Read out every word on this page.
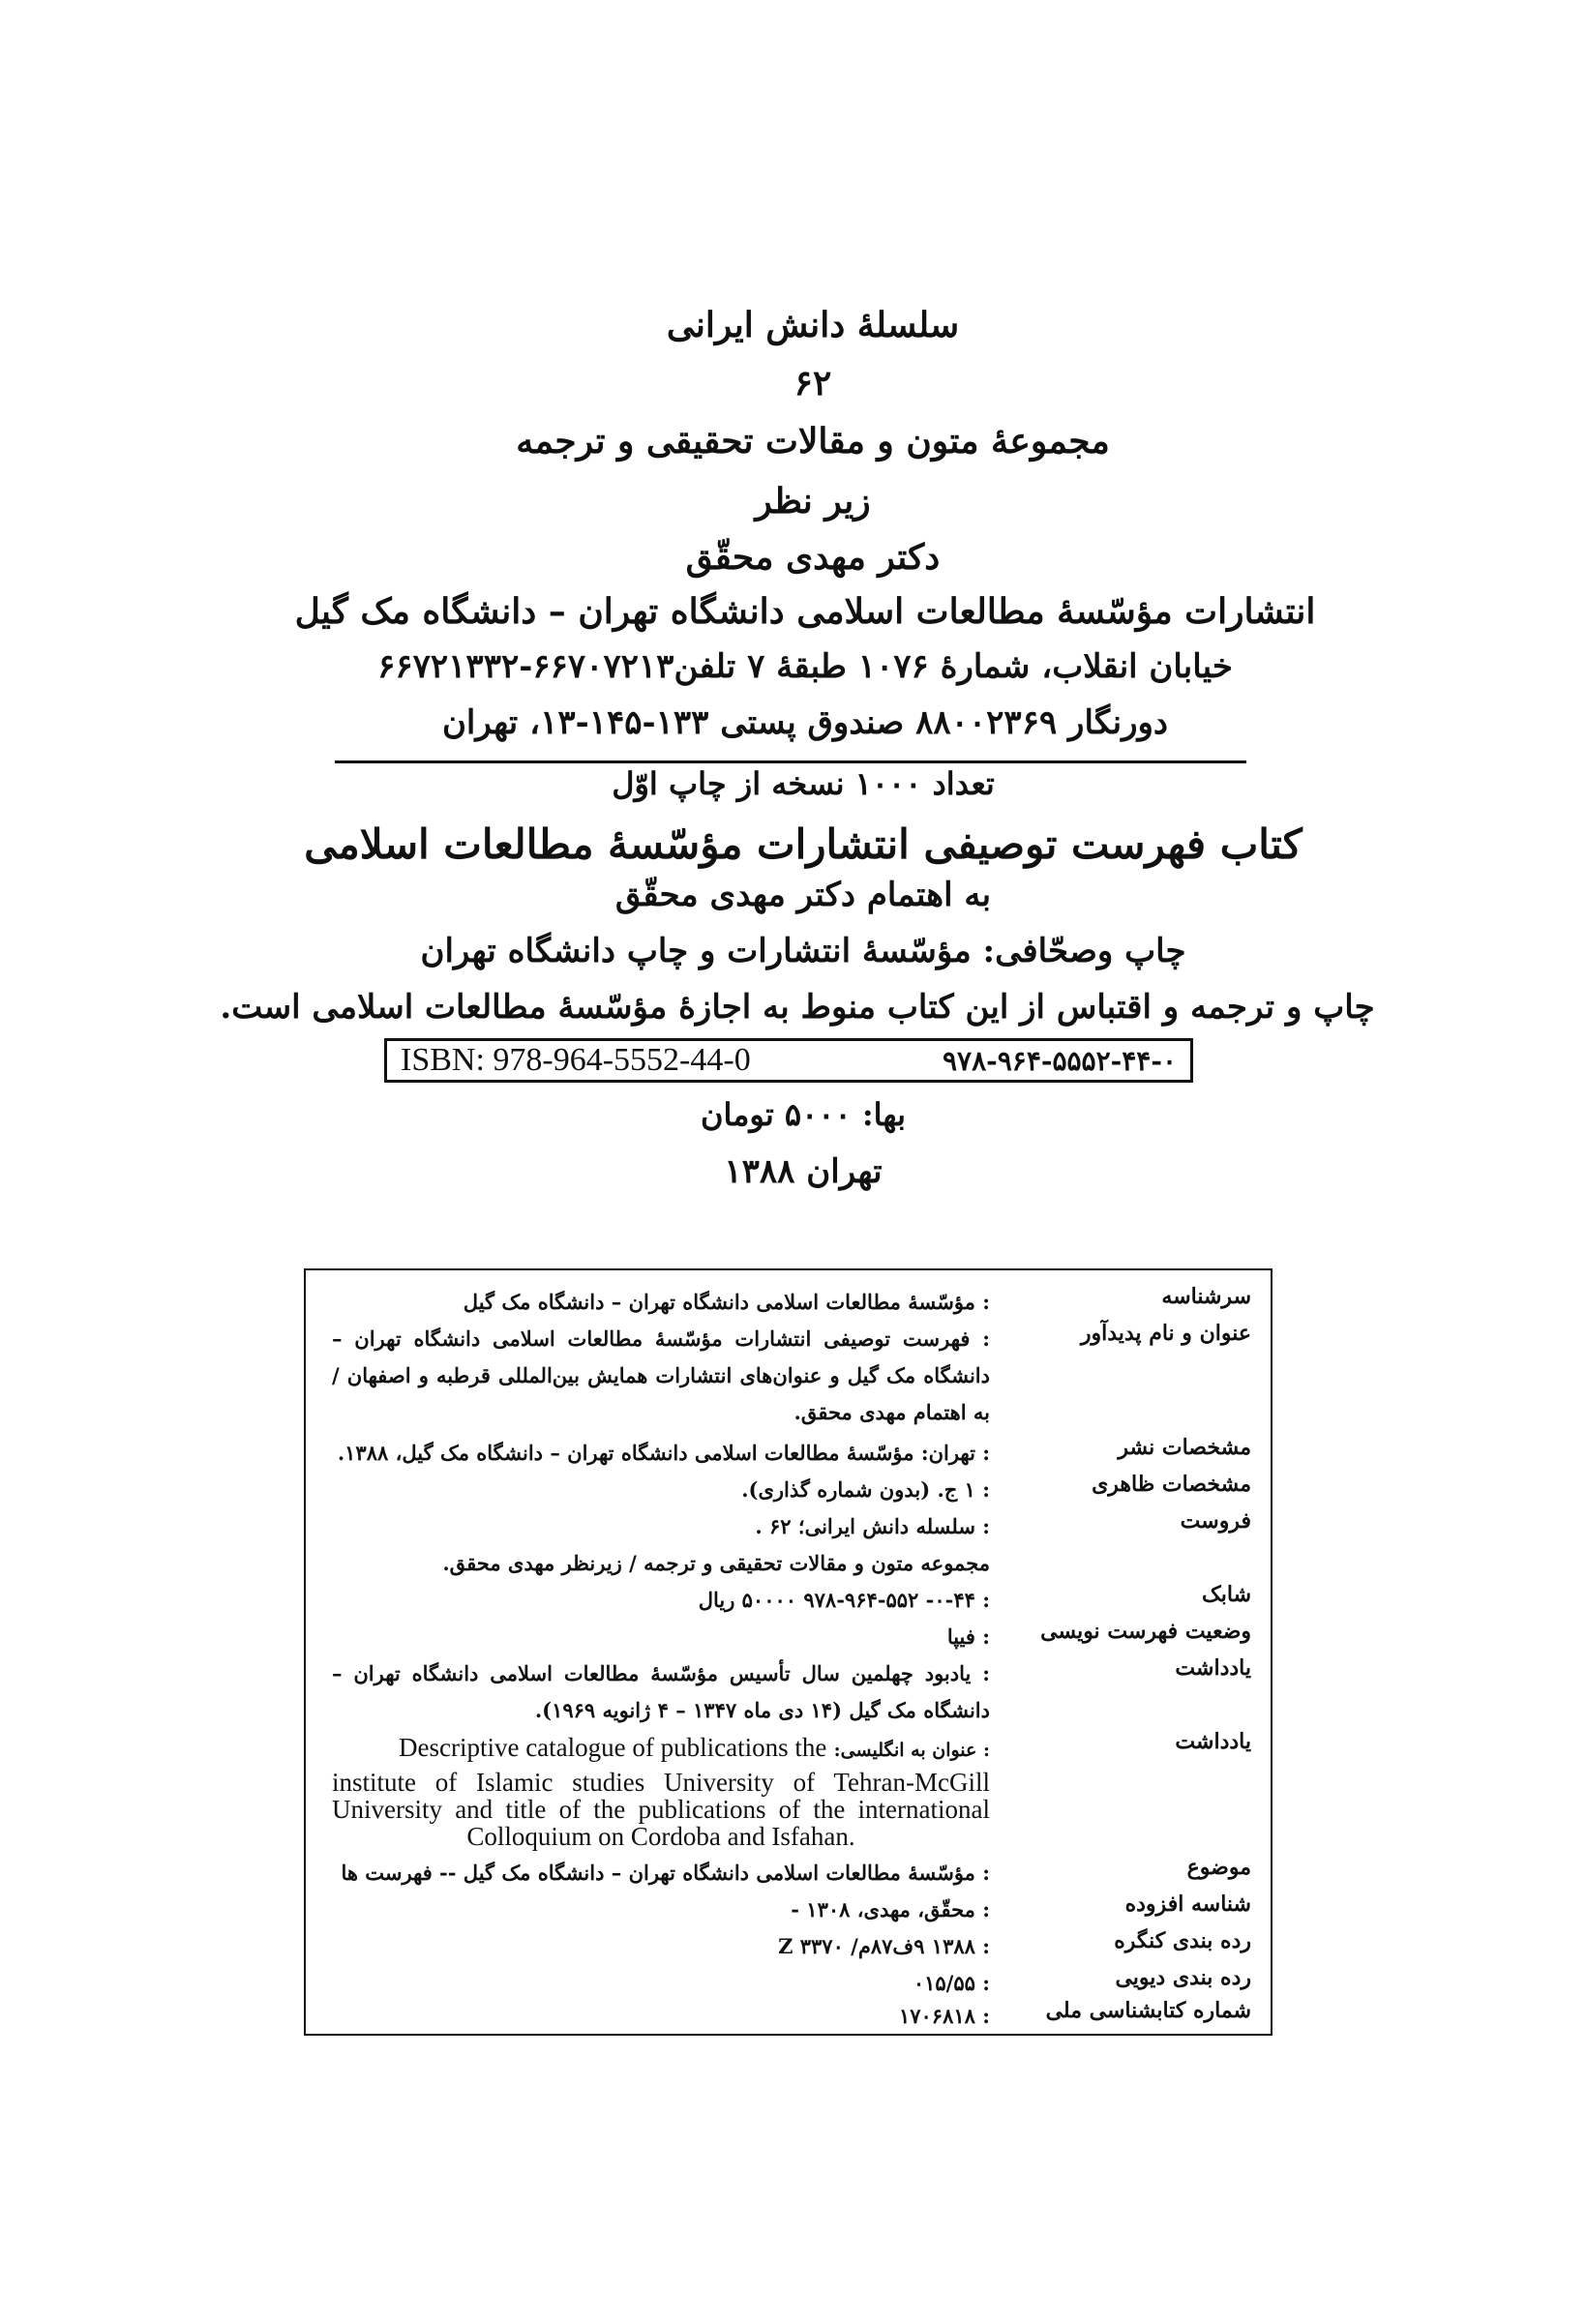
سلسلهٔ دانش ایرانی
۶۲
مجموعهٔ متون و مقالات تحقیقی و ترجمه
زیر نظر
دکتر مهدی محقّق
انتشارات مؤسّسهٔ مطالعات اسلامی دانشگاه تهران – دانشگاه مک گیل
خیابان انقلاب، شمارهٔ ۱۰۷۶ طبقهٔ ۷ تلفن۶۶۷۰۷۲۱۳-۶۶۷۲۱۳۳۲
دورنگار ۸۸۰۰۲۳۶۹ صندوق پستی ۱۳۳-۱۴۵-۱۳، تهران
تعداد ۱۰۰۰ نسخه از چاپ اوّل
کتاب فهرست توصیفی انتشارات مؤسّسهٔ مطالعات اسلامی
به اهتمام دکتر مهدی محقّق
چاپ وصحّافی: مؤسّسهٔ انتشارات و چاپ دانشگاه تهران
چاپ و ترجمه و اقتباس از این کتاب منوط به اجازهٔ مؤسّسهٔ مطالعات اسلامی است.
ISBN: 978-964-5552-44-0	۹۷۸-۹۶۴-۵۵۵۲-۴۴-۰
بها: ۵۰۰۰ تومان
تهران ۱۳۸۸
سرشناسه
: مؤسّسهٔ مطالعات اسلامی دانشگاه تهران – دانشگاه مک گیل
عنوان و نام پدیدآور
: فهرست توصیفی انتشارات مؤسّسهٔ مطالعات اسلامی دانشگاه تهران – دانشگاه مک گیل و عنوان‌های انتشارات همایش بین‌المللی قرطبه و اصفهان / به اهتمام مهدی محقق.
مشخصات نشر
: تهران: مؤسّسهٔ مطالعات اسلامی دانشگاه تهران – دانشگاه مک گیل، ۱۳۸۸.
مشخصات ظاهری
: ۱ ج. (بدون شماره گذاری).
فروست
: سلسله دانش ایرانی؛ ۶۲ .
مجموعه متون و مقالات تحقیقی و ترجمه / زیرنظر مهدی محقق.
شابک
: ۰-۴۴- ۹۷۸-۹۶۴-۵۵۲ ۵۰۰۰۰ ریال
وضعیت فهرست نویسی
: فیپا
یادداشت
: یادبود چهلمین سال تأسیس مؤسّسهٔ مطالعات اسلامی دانشگاه تهران – دانشگاه مک گیل (۱۴ دی ماه ۱۳۴۷ – ۴ ژانویه ۱۹۶۹).
یادداشت
: عنوان به انگلیسی: Descriptive catalogue of publications the
institute of Islamic studies University of Tehran-McGill University and title of the publications of the international Colloquium on Cordoba and Isfahan.
موضوع
: مؤسّسهٔ مطالعات اسلامی دانشگاه تهران – دانشگاه مک گیل -- فهرست ها
شناسه افزوده
: محقّق، مهدی، ۱۳۰۸ -
رده بندی کنگره
: ۱۳۸۸ ۹ف۸۷م/ Z ۳۳۷۰
رده بندی دیویی
: ۰۱۵/۵۵
شماره کتابشناسی ملی
: ۱۷۰۶۸۱۸
